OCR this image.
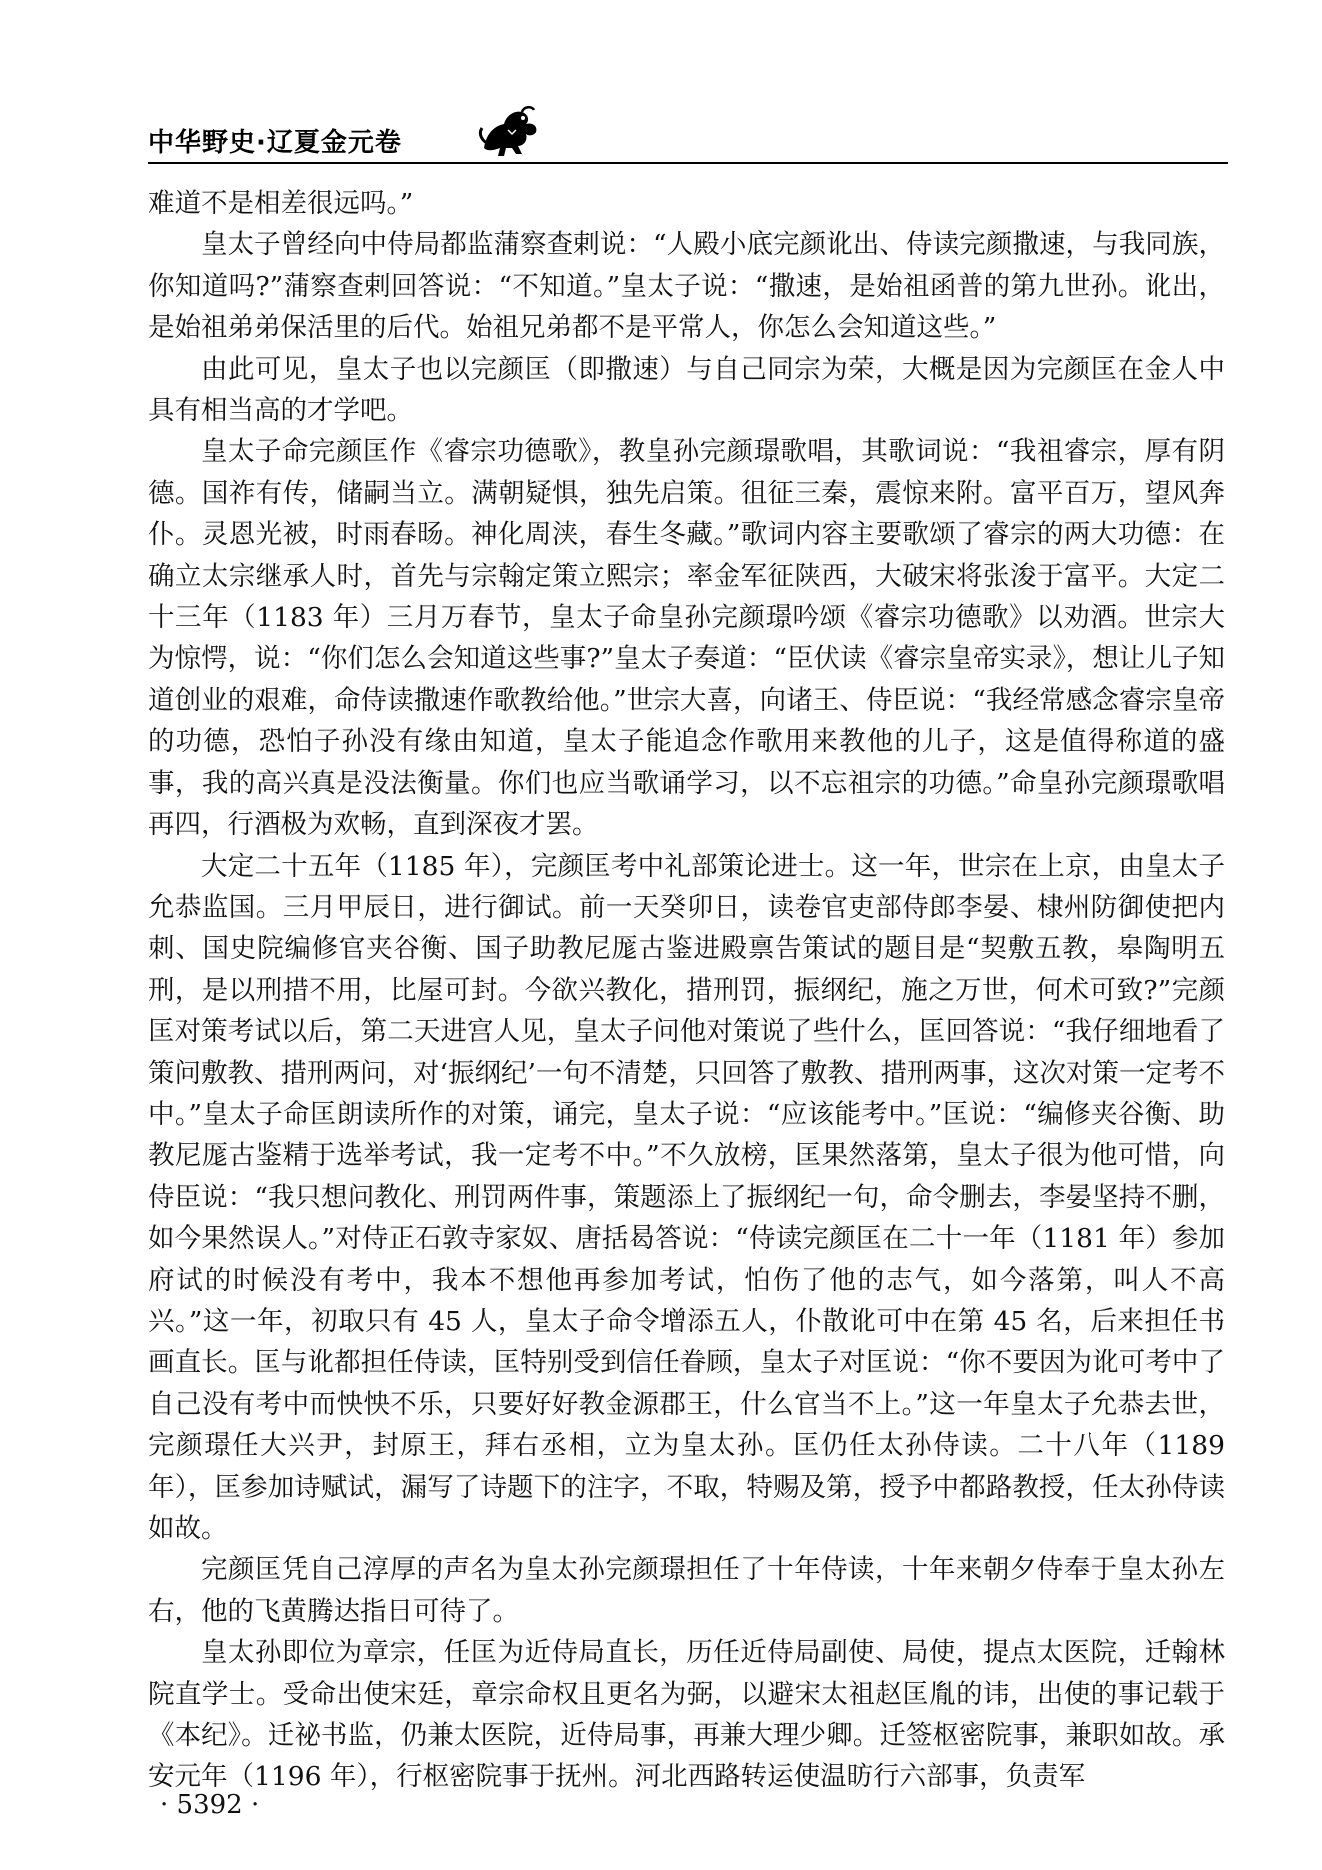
中华野史·辽夏金元卷

难道不是相差很远吗。”

皇太子曾经向中侍局都监蒲察查剌说：“人殿小底完颜讹出、侍读完颜撒速，与我同族，你知道吗?”蒲察查剌回答说：“不知道。”皇太子说：“撒速，是始祖函普的第九世孙。讹出，是始祖弟弟保活里的后代。始祖兄弟都不是平常人，你怎么会知道这些。”

由此可见，皇太子也以完颜匡（即撒速）与自己同宗为荣，大概是因为完颜匡在金人中具有相当高的才学吧。

皇太子命完颜匡作《睿宗功德歌》，教皇孙完颜璟歌唱，其歌词说：“我祖睿宗，厚有阴德。国祚有传，储嗣当立。满朝疑惧，独先启策。徂征三秦，震惊来附。富平百万，望风奔仆。灵恩光被，时雨春旸。神化周浃，春生冬藏。”歌词内容主要歌颂了睿宗的两大功德：在确立太宗继承人时，首先与宗翰定策立熙宗；率金军征陕西，大破宋将张浚于富平。大定二十三年（1183 年）三月万春节，皇太子命皇孙完颜璟吟颂《睿宗功德歌》以劝酒。世宗大为惊愕，说：“你们怎么会知道这些事?”皇太子奏道：“臣伏读《睿宗皇帝实录》，想让儿子知道创业的艰难，命侍读撒速作歌教给他。”世宗大喜，向诸王、侍臣说：“我经常感念睿宗皇帝的功德，恐怕子孙没有缘由知道，皇太子能追念作歌用来教他的儿子，这是值得称道的盛事，我的高兴真是没法衡量。你们也应当歌诵学习，以不忘祖宗的功德。”命皇孙完颜璟歌唱再四，行酒极为欢畅，直到深夜才罢。

大定二十五年（1185 年），完颜匡考中礼部策论进士。这一年，世宗在上京，由皇太子允恭监国。三月甲辰日，进行御试。前一天癸卯日，读卷官吏部侍郎李晏、棣州防御使把内刺、国史院编修官夹谷衡、国子助教尼厖古鉴进殿禀告策试的题目是“契敷五教，皋陶明五刑，是以刑措不用，比屋可封。今欲兴教化，措刑罚，振纲纪，施之万世，何术可致?”完颜匡对策考试以后，第二天进宫人见，皇太子问他对策说了些什么，匡回答说：“我仔细地看了策问敷教、措刑两问，对‘振纲纪’一句不清楚，只回答了敷教、措刑两事，这次对策一定考不中。”皇太子命匡朗读所作的对策，诵完，皇太子说：“应该能考中。”匡说：“编修夹谷衡、助教尼厖古鉴精于选举考试，我一定考不中。”不久放榜，匡果然落第，皇太子很为他可惜，向侍臣说：“我只想问教化、刑罚两件事，策题添上了振纲纪一句，命令删去，李晏坚持不删，如今果然误人。”对侍正石敦寺家奴、唐括曷答说：“侍读完颜匡在二十一年（1181 年）参加府试的时候没有考中，我本不想他再参加考试，怕伤了他的志气，如今落第，叫人不高兴。”这一年，初取只有 45 人，皇太子命令增添五人，仆散讹可中在第 45 名，后来担任书画直长。匡与讹都担任侍读，匡特别受到信任眷顾，皇太子对匡说：“你不要因为讹可考中了自己没有考中而怏怏不乐，只要好好教金源郡王，什么官当不上。”这一年皇太子允恭去世，完颜璟任大兴尹，封原王，拜右丞相，立为皇太孙。匡仍任太孙侍读。二十八年（1189 年），匡参加诗赋试，漏写了诗题下的注字，不取，特赐及第，授予中都路教授，任太孙侍读如故。

完颜匡凭自己淳厚的声名为皇太孙完颜璟担任了十年侍读，十年来朝夕侍奉于皇太孙左右，他的飞黄腾达指日可待了。

皇太孙即位为章宗，任匡为近侍局直长，历任近侍局副使、局使，提点太医院，迁翰林院直学士。受命出使宋廷，章宗命权且更名为弼，以避宋太祖赵匡胤的讳，出使的事记载于《本纪》。迁祕书监，仍兼太医院，近侍局事，再兼大理少卿。迁签枢密院事，兼职如故。承安元年（1196 年），行枢密院事于抚州。河北西路转运使温昉行六部事，负责军

· 5392 ·
